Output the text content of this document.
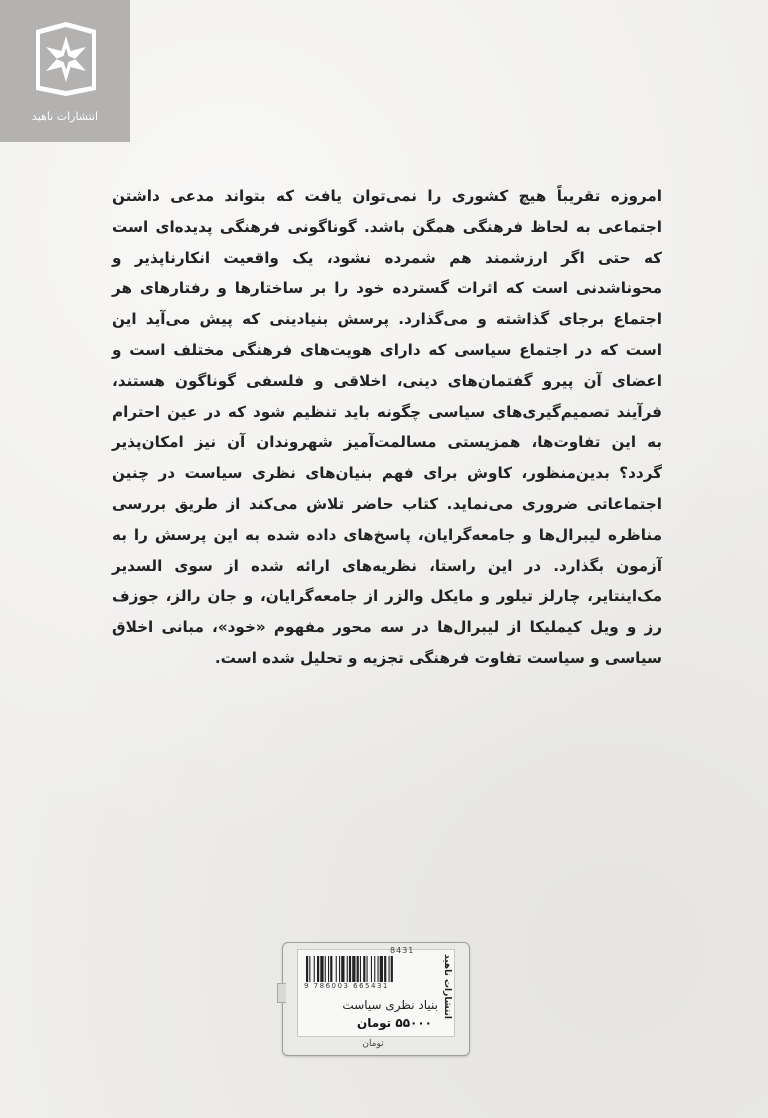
انتشارات ناهید

امروزه تقریباً هیچ کشوری را نمی‌توان یافت که بتواند مدعی داشتن اجتماعی به لحاظ فرهنگی همگن باشد. گوناگونی فرهنگی پدیده‌ای است که حتی اگر ارزشمند هم شمرده نشود، یک واقعیت انکارناپذیر و محوناشدنی است که اثرات گسترده خود را بر ساختارها و رفتارهای هر اجتماع برجای گذاشته و می‌گذارد. پرسش بنیادینی که پیش می‌آید این است که در اجتماع سیاسی که دارای هویت‌های فرهنگی مختلف است و اعضای آن پیرو گفتمان‌های دینی، اخلاقی و فلسفی گوناگون هستند، فرآیند تصمیم‌گیری‌های سیاسی چگونه باید تنظیم شود که در عین احترام به این تفاوت‌ها، همزیستی مسالمت‌آمیز شهروندان آن نیز امکان‌پذیر گردد؟ بدین‌منظور، کاوش برای فهم بنیان‌های نظری سیاست در چنین اجتماعاتی ضروری می‌نماید. کتاب حاضر تلاش می‌کند از طریق بررسی مناظره لیبرال‌ها و جامعه‌گرایان، پاسخ‌های داده شده به این پرسش را به آزمون بگذارد. در این راستا، نظریه‌های ارائه شده از سوی السدیر مک‌اینتایر، چارلز تیلور و مایکل والزر از جامعه‌گرایان، و جان رالز، جوزف رز و ویل کیملیکا از لیبرال‌ها در سه محور مفهوم «خود»، مبانی اخلاق سیاسی و سیاست تفاوت فرهنگی تجزیه و تحلیل شده است.

8431
9 786003 665431	انتشارات ناهید
بنیاد نظری سیاست
۵۵۰۰۰ تومان
تومان
